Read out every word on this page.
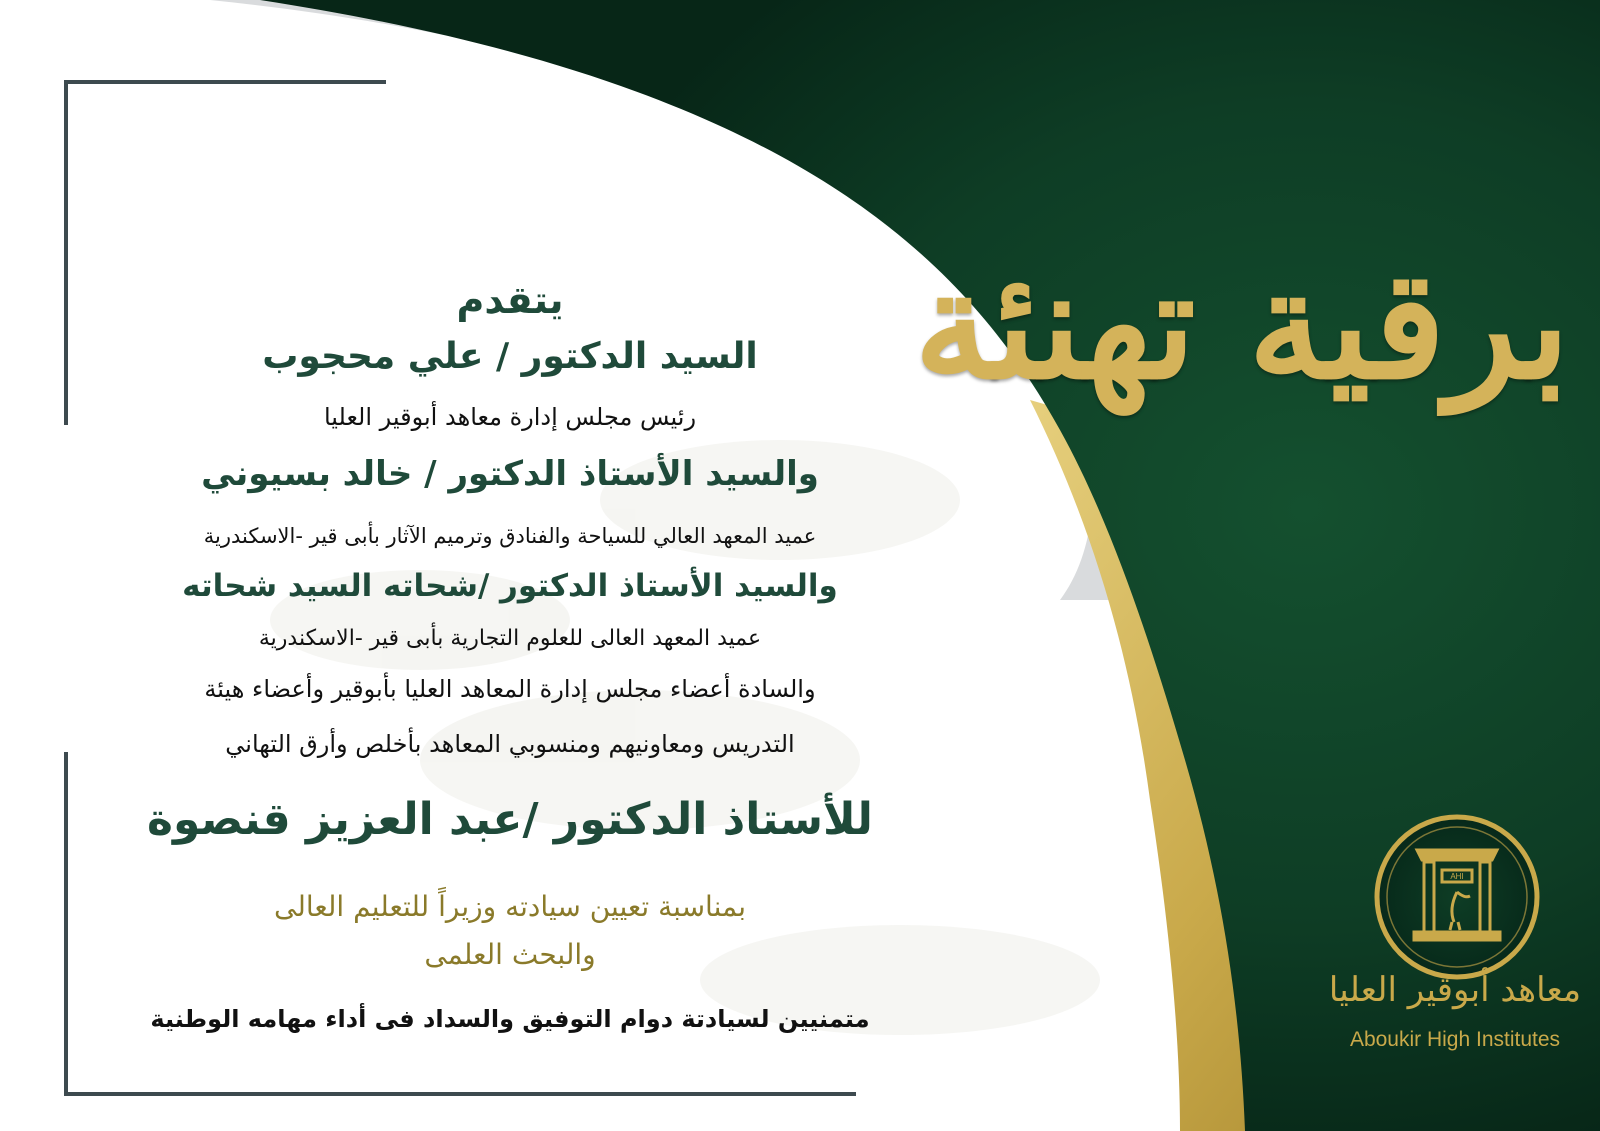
برقية تهنئة
يتقدم
السيد الدكتور / علي محجوب
رئيس مجلس إدارة معاهد أبوقير العليا
والسيد الأستاذ الدكتور / خالد بسيوني
عميد المعهد العالي للسياحة والفنادق وترميم الآثار بأبى قير -الاسكندرية
والسيد الأستاذ الدكتور /شحاته السيد شحاته
عميد المعهد العالى للعلوم التجارية بأبى قير -الاسكندرية
والسادة أعضاء مجلس إدارة المعاهد العليا بأبوقير وأعضاء هيئة
التدريس ومعاونيهم ومنسوبي المعاهد بأخلص وأرق التهاني
للأستاذ الدكتور /عبد العزيز قنصوة
بمناسبة تعيين سيادته وزيراً للتعليم العالى
والبحث العلمى
متمنيين لسيادتة دوام التوفيق والسداد فى أداء مهامه الوطنية
AHI
معاهد أبوقير العليا
Aboukir High Institutes
